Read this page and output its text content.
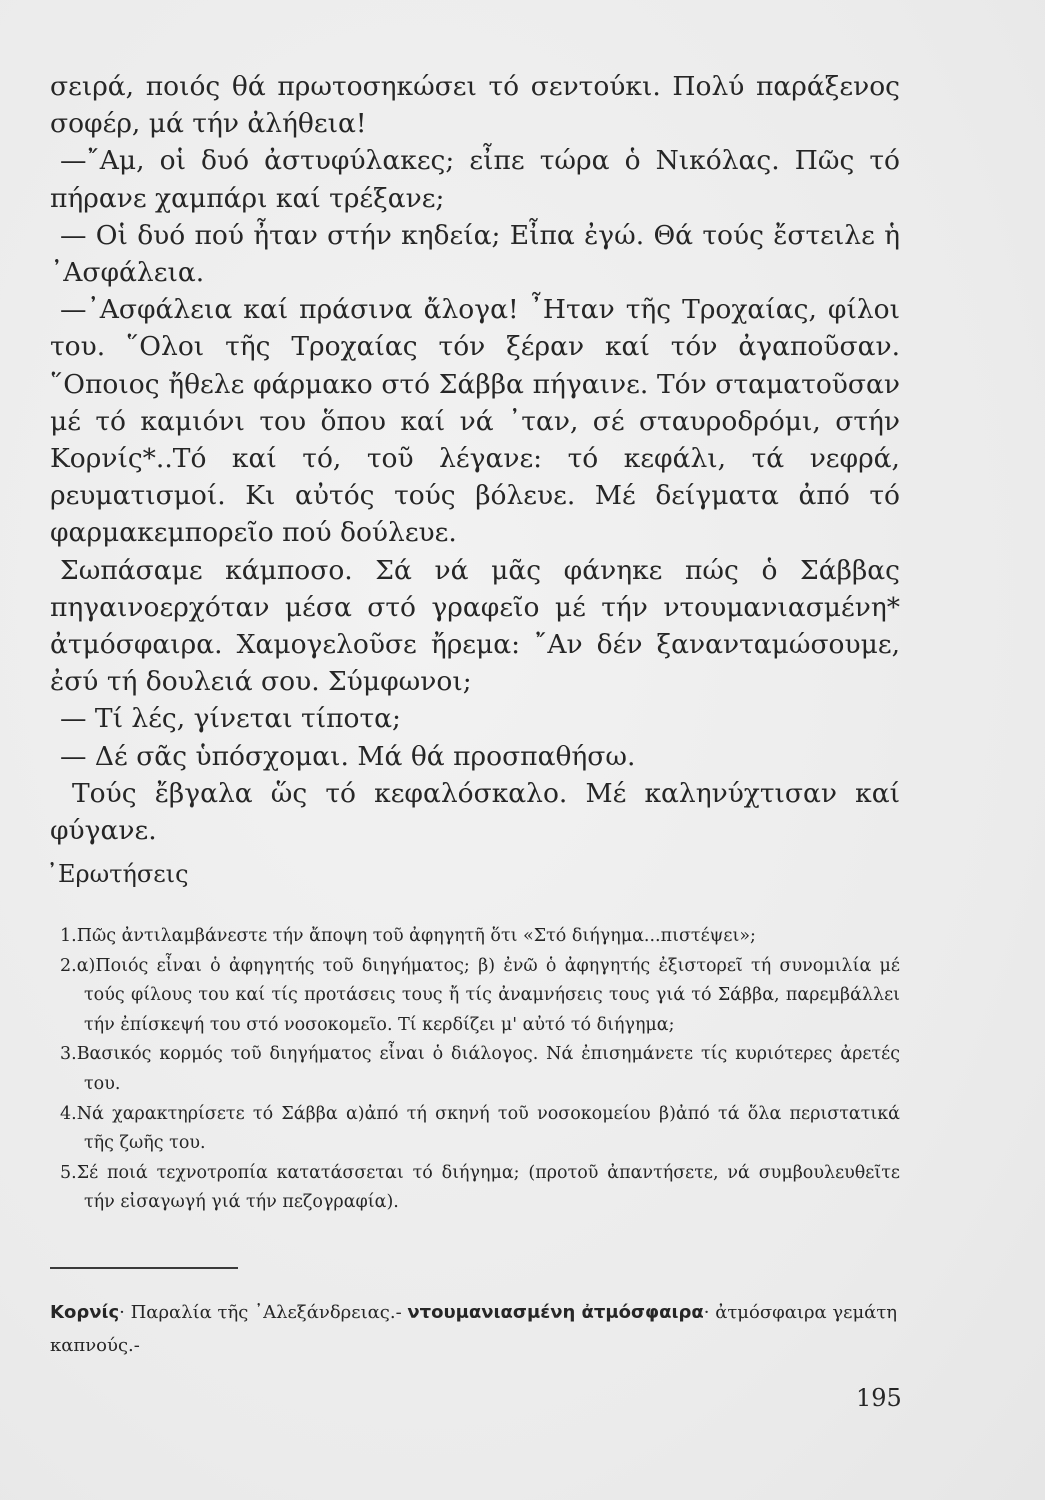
σειρά, ποιός θά πρωτοσηκώσει τό σεντούκι. Πολύ παράξενος σοφέρ, μά τήν ἀλήθεια!

—῎Αμ, οἱ δυό ἀστυφύλακες; εἶπε τώρα ὁ Νικόλας. Πῶς τό πήρανε χαμπάρι καί τρέξανε;

— Οἱ δυό πού ἦταν στήν κηδεία; Εἶπα ἐγώ. Θά τούς ἔστειλε ἡ ᾿Ασφάλεια.

—᾿Ασφάλεια καί πράσινα ἄλογα! ῏Ηταν τῆς Τροχαίας, φίλοι του. ῞Ολοι τῆς Τροχαίας τόν ξέραν καί τόν ἀγαποῦσαν. ῞Οποιος ἤθελε φάρμακο στό Σάββα πήγαινε. Τόν σταματοῦσαν μέ τό καμιόνι του ὅπου καί νά ᾿ταν, σέ σταυροδρόμι, στήν Κορνίς*..Τό καί τό, τοῦ λέγανε: τό κεφάλι, τά νεφρά, ρευματισμοί. Κι αὐτός τούς βόλευε. Μέ δείγματα ἀπό τό φαρμακεμπορεῖο πού δούλευε.

Σωπάσαμε κάμποσο. Σά νά μᾶς φάνηκε πώς ὁ Σάββας πηγαινοερχόταν μέσα στό γραφεῖο μέ τήν ντουμανιασμένη* ἀτμόσφαιρα. Χαμογελοῦσε ἤρεμα: ῎Αν δέν ξανανταμώσουμε, ἐσύ τή δουλειά σου. Σύμφωνοι;

— Τί λές, γίνεται τίποτα;

— Δέ σᾶς ὑπόσχομαι. Μά θά προσπαθήσω.

Τούς ἔβγαλα ὥς τό κεφαλόσκαλο. Μέ καληνύχτισαν καί φύγανε.

᾿Ερωτήσεις
1.Πῶς ἀντιλαμβάνεστε τήν ἄποψη τοῦ ἀφηγητῆ ὅτι «Στό διήγημα...πιστέψει»;
2.α)Ποιός εἶναι ὁ ἀφηγητής τοῦ διηγήματος; β) ἐνῶ ὁ ἀφηγητής ἐξιστορεῖ τή συνομιλία μέ τούς φίλους του καί τίς προτάσεις τους ἤ τίς ἀναμνήσεις τους γιά τό Σάββα, παρεμβάλλει τήν ἐπίσκεψή του στό νοσοκομεῖο. Τί κερδίζει μ' αὐτό τό διήγημα;
3.Βασικός κορμός τοῦ διηγήματος εἶναι ὁ διάλογος. Νά ἐπισημάνετε τίς κυριότερες ἀρετές του.
4.Νά χαρακτηρίσετε τό Σάββα α)ἀπό τή σκηνή τοῦ νοσοκομείου β)ἀπό τά ὅλα περιστατικά τῆς ζωῆς του.
5.Σέ ποιά τεχνοτροπία κατατάσσεται τό διήγημα; (προτοῦ ἀπαντήσετε, νά συμβουλευθεῖτε τήν εἰσαγωγή γιά τήν πεζογραφία).

Κορνίς· Παραλία τῆς ᾿Αλεξάνδρειας.- ντουμανιασμένη ἀτμόσφαιρα· ἀτμόσφαιρα γεμάτη καπνούς.-

195
